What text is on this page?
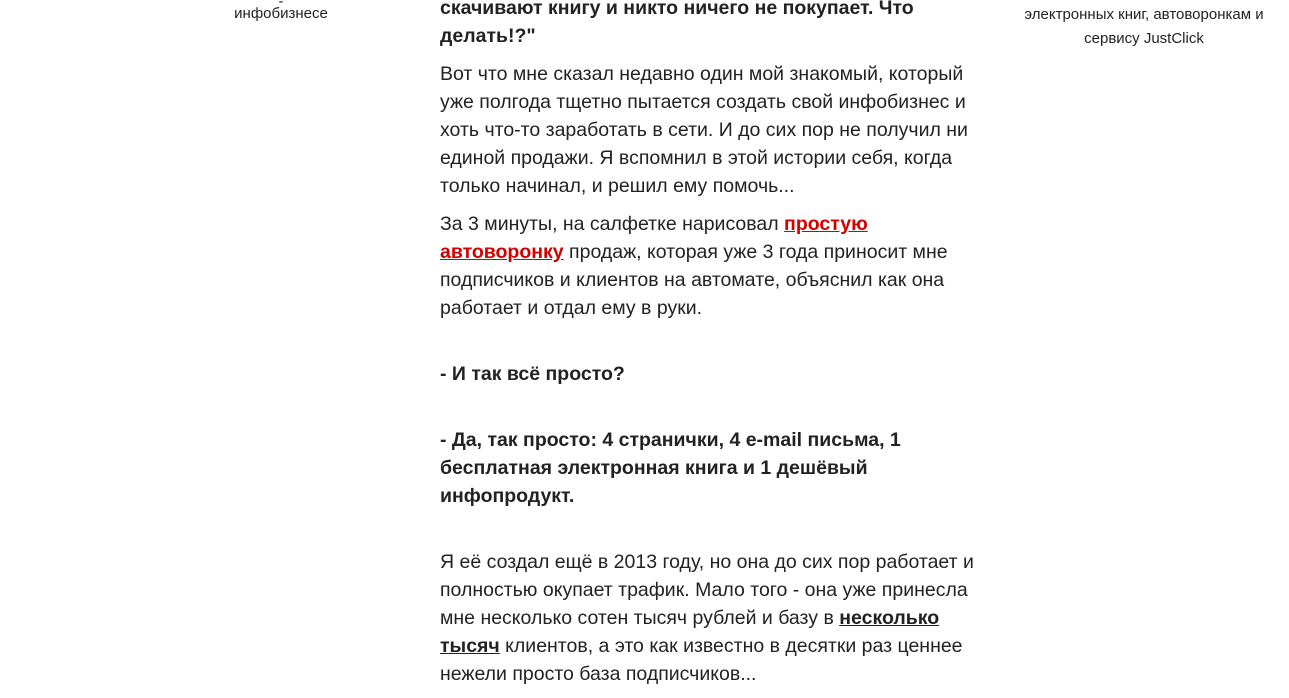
-
инфобизнесе	электронных книг, автоворонкам и
сервису JustClick

скачивают книгу и никто ничего не покупает. Что
делать!?"

Вот что мне сказал недавно один мой знакомый, который уже полгода тщетно пытается создать свой инфобизнес и хоть что-то заработать в сети. И до сих пор не получил ни единой продажи. Я вспомнил в этой истории себя, когда только начинал, и решил ему помочь...

За 3 минуты, на салфетке нарисовал простую автоворонку продаж, которая уже 3 года приносит мне подписчиков и клиентов на автомате, объяснил как она работает и отдал ему в руки.

- И так всё просто?

- Да, так просто: 4 странички, 4 e-mail письма, 1 бесплатная электронная книга и 1 дешёвый инфопродукт.

Я её создал ещё в 2013 году, но она до сих пор работает и полностью окупает трафик. Мало того - она уже принесла мне несколько сотен тысяч рублей и базу в несколько тысяч клиентов, а это как известно в десятки раз ценнее нежели просто база подписчиков...
